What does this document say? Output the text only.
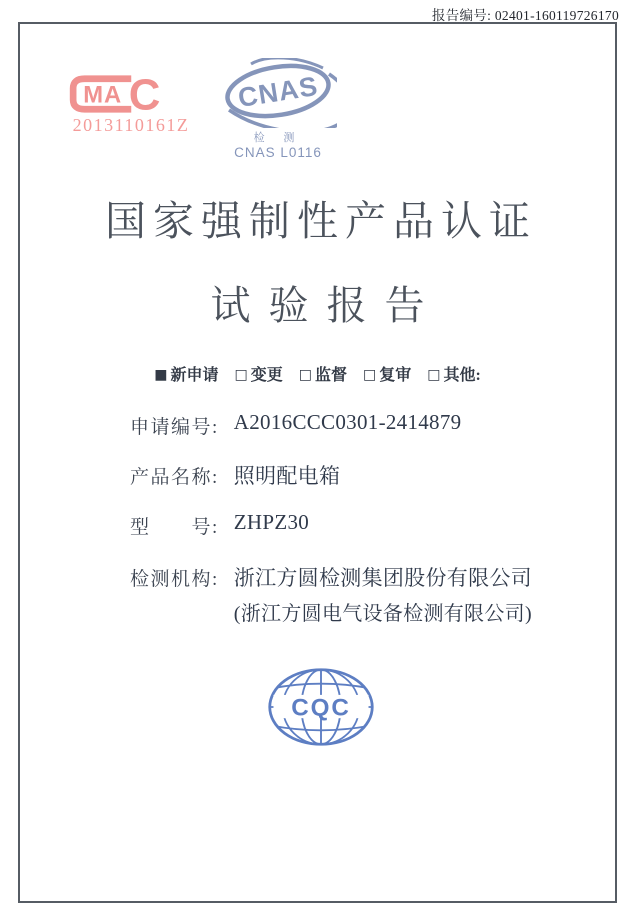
报告编号: 02401-160119726170
MA C
2013110161Z
CNAS
检 测
CNAS L0116
国家强制性产品认证
试验报告
■ 新申请 □ 变更 □ 监督 □ 复审 □ 其他:
申请编号: A2016CCC0301-2414879
产品名称: 照明配电箱
型　　号: ZHPZ30
检测机构: 浙江方圆检测集团股份有限公司
(浙江方圆电气设备检测有限公司)
CQC
